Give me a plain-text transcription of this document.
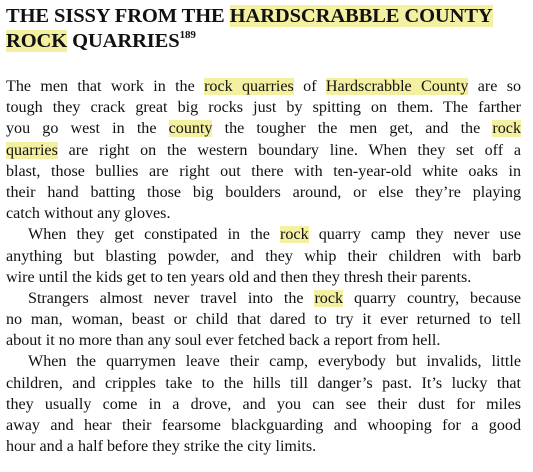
THE SISSY FROM THE HARDSCRABBLE COUNTY
ROCK QUARRIES$^{189}$
The men that work in the rock quarries of Hardscrabble County are so
tough they crack great big rocks just by spitting on them. The farther
you go west in the county the tougher the men get, and the rock
quarries are right on the western boundary line. When they set off a
blast, those bullies are right out there with ten-year-old white oaks in
their hand batting those big boulders around, or else they’re playing
catch without any gloves.
When they get constipated in the rock quarry camp they never use
anything but blasting powder, and they whip their children with barb
wire until the kids get to ten years old and then they thresh their parents.
Strangers almost never travel into the rock quarry country, because
no man, woman, beast or child that dared to try it ever returned to tell
about it no more than any soul ever fetched back a report from hell.
When the quarrymen leave their camp, everybody but invalids, little
children, and cripples take to the hills till danger’s past. It’s lucky that
they usually come in a drove, and you can see their dust for miles
away and hear their fearsome blackguarding and whooping for a good
hour and a half before they strike the city limits.
